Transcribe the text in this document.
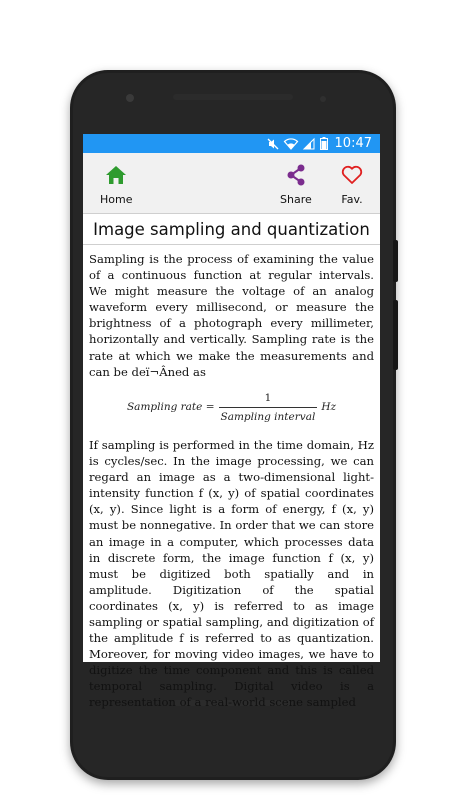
10:47
Home	Share	Fav.
Image sampling and quantization

Sampling is the process of examining the value of a continuous function at regular intervals. We might measure the voltage of an analog waveform every millisecond, or measure the brightness of a photograph every millimeter, horizontally and vertically. Sampling rate is the rate at which we make the measurements and can be deï¬Âned as

Sampling rate = $\frac{1}{\text{Sampling interval}}$ Hz

If sampling is performed in the time domain, Hz is cycles/sec. In the image processing, we can regard an image as a two-dimensional light- intensity function f (x, y) of spatial coordinates (x, y). Since light is a form of energy, f (x, y) must be nonnegative. In order that we can store an image in a computer, which processes data in discrete form, the image function f (x, y) must be digitized both spatially and in amplitude. Digitization of the spatial coordinates (x, y) is referred to as image sampling or spatial sampling, and digitization of the amplitude f is referred to as quantization. Moreover, for moving video images, we have to digitize the time component and this is called temporal sampling. Digital video is a representation of a real-world scene sampled
